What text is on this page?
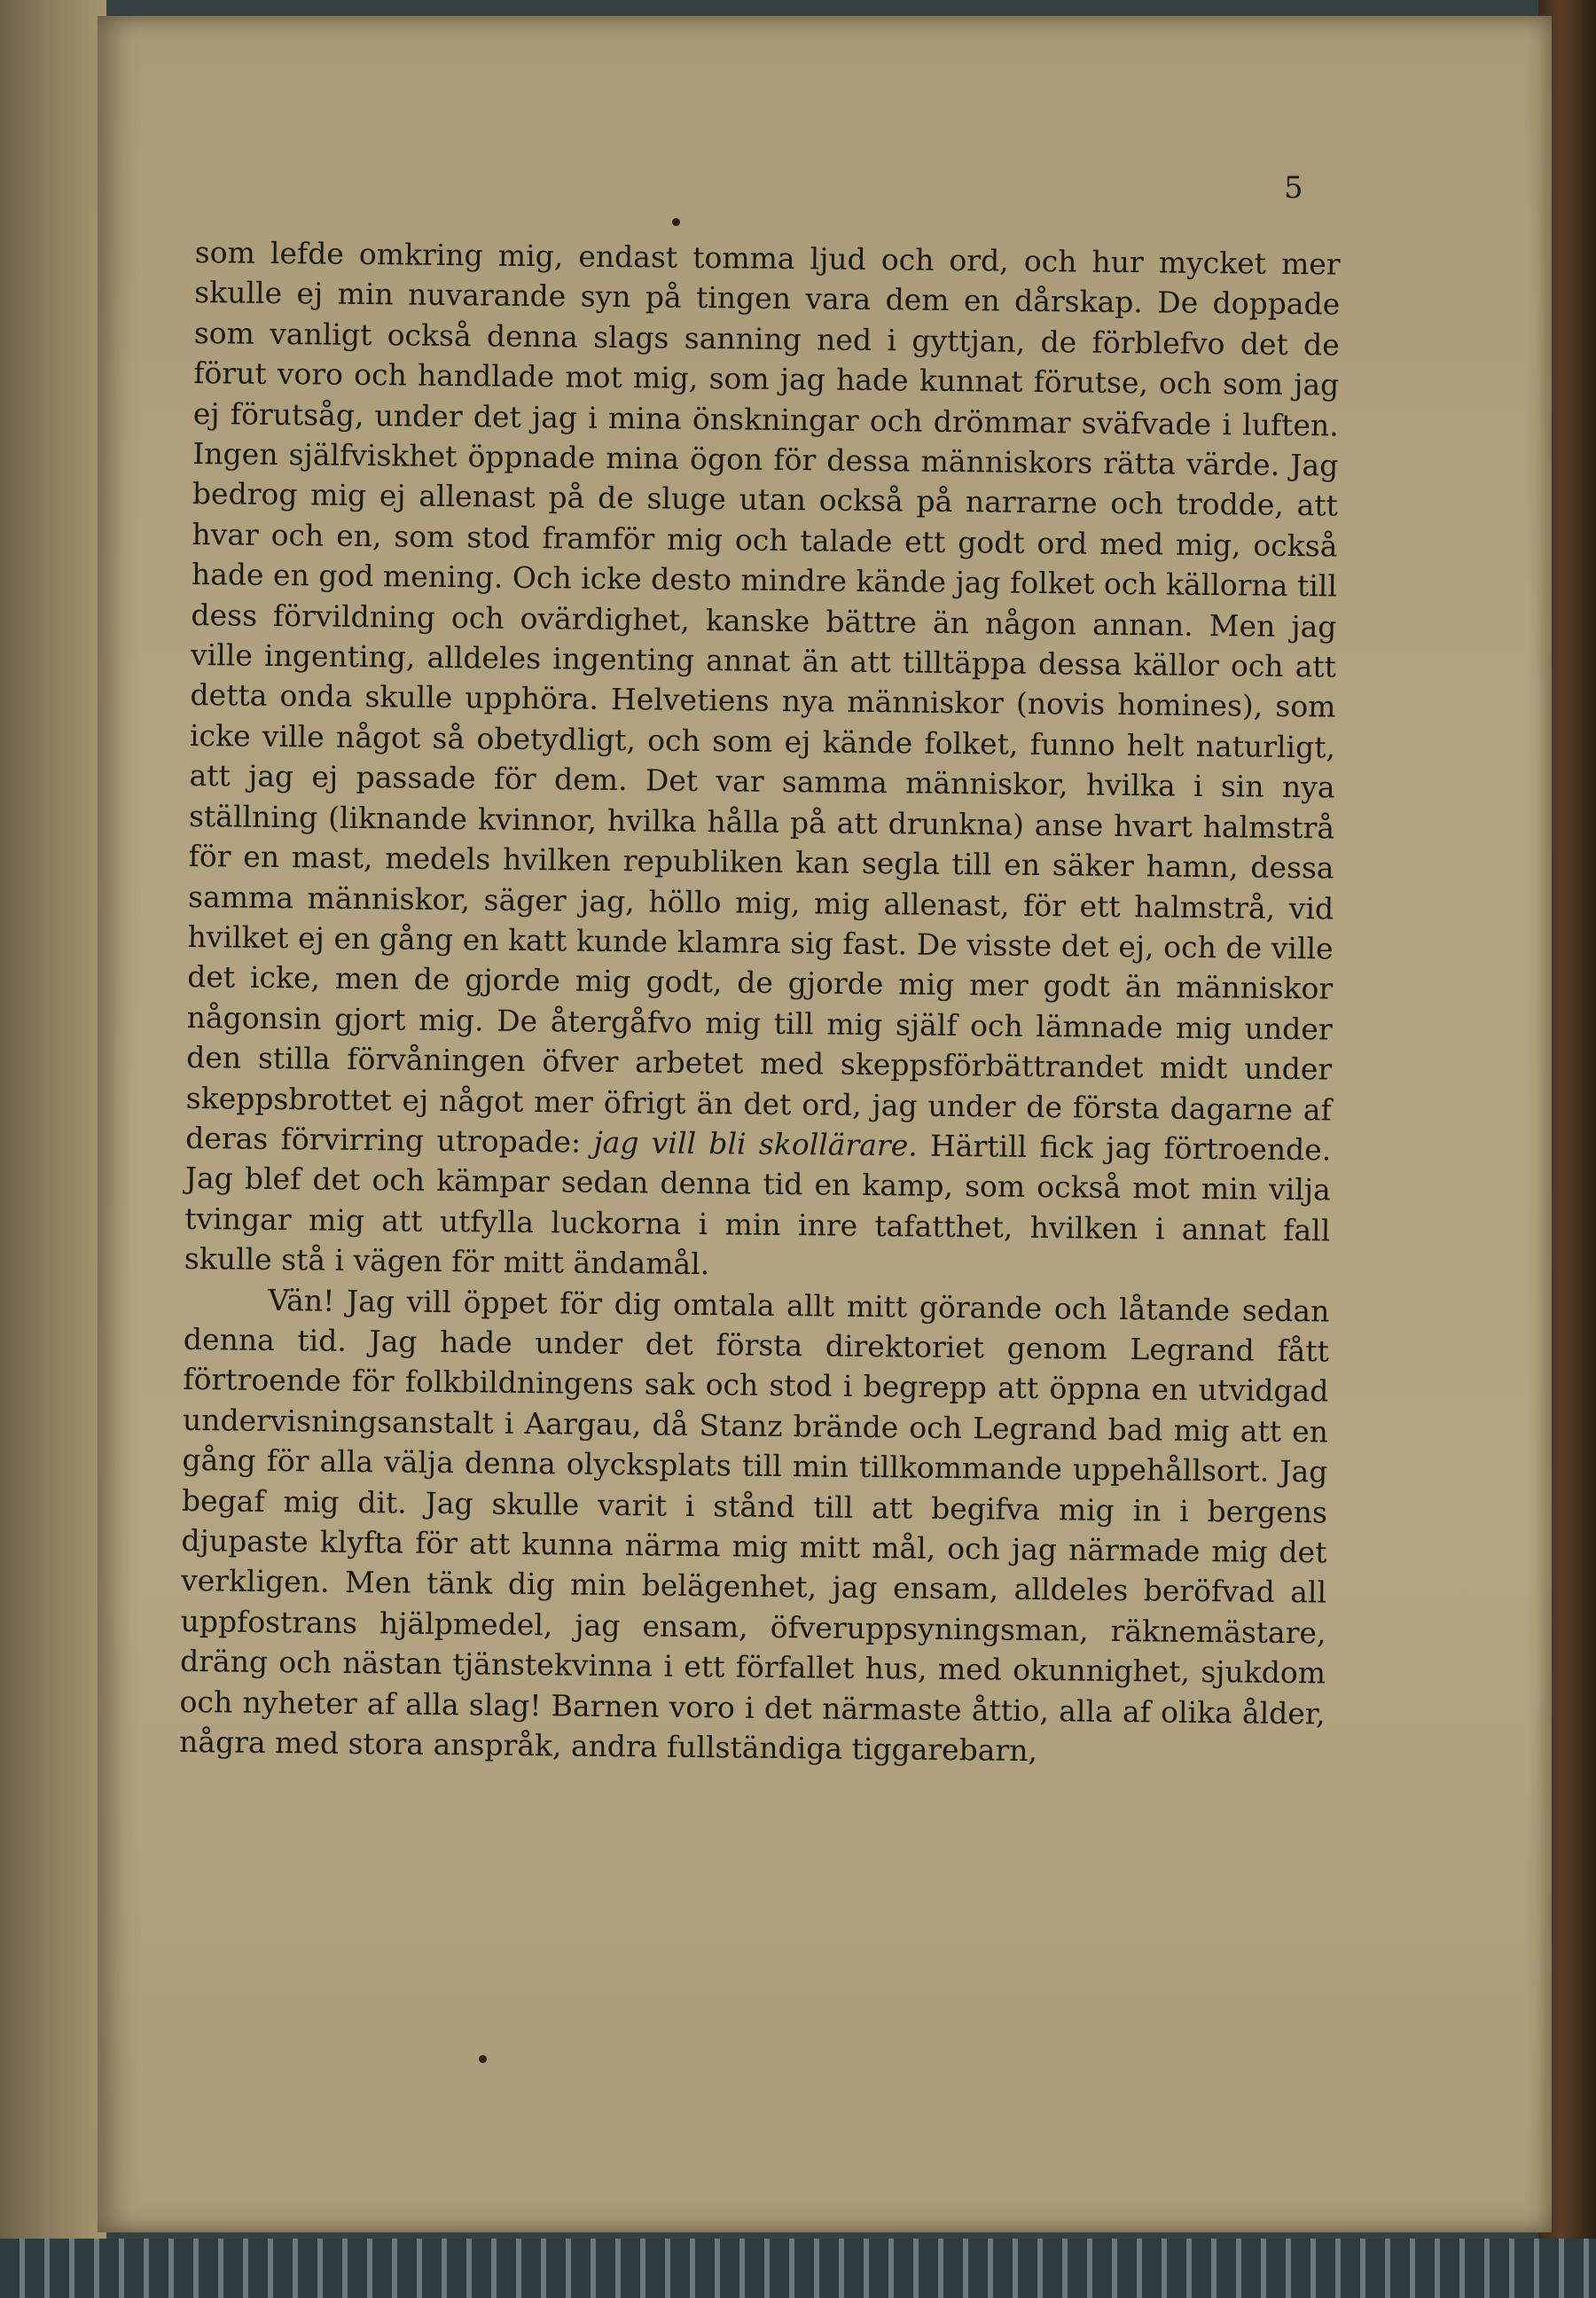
5

som lefde omkring mig, endast tomma ljud och ord, och hur mycket mer skulle ej min nuvarande syn på tingen vara dem en dårskap. De doppade som vanligt också denna slags sanning ned i gyttjan, de förblefvo det de förut voro och handlade mot mig, som jag hade kunnat förutse, och som jag ej förutsåg, under det jag i mina önskningar och drömmar sväfvade i luften. Ingen själfviskhet öppnade mina ögon för dessa människors rätta värde. Jag bedrog mig ej allenast på de sluge utan också på narrarne och trodde, att hvar och en, som stod framför mig och talade ett godt ord med mig, också hade en god mening. Och icke desto mindre kände jag folket och källorna till dess förvildning och ovärdighet, kanske bättre än någon annan. Men jag ville ingenting, alldeles ingenting annat än att tilltäppa dessa källor och att detta onda skulle upphöra. Helvetiens nya människor (novis homines), som icke ville något så obetydligt, och som ej kände folket, funno helt naturligt, att jag ej passade för dem. Det var samma människor, hvilka i sin nya ställning (liknande kvinnor, hvilka hålla på att drunkna) anse hvart halmstrå för en mast, medels hvilken republiken kan segla till en säker hamn, dessa samma människor, säger jag, höllo mig, mig allenast, för ett halmstrå, vid hvilket ej en gång en katt kunde klamra sig fast. De visste det ej, och de ville det icke, men de gjorde mig godt, de gjorde mig mer godt än människor någonsin gjort mig. De återgåfvo mig till mig själf och lämnade mig under den stilla förvåningen öfver arbetet med skeppsförbättrandet midt under skeppsbrottet ej något mer öfrigt än det ord, jag under de första dagarne af deras förvirring utropade: jag vill bli skollärare. Härtill fick jag förtroende. Jag blef det och kämpar sedan denna tid en kamp, som också mot min vilja tvingar mig att utfylla luckorna i min inre tafatthet, hvilken i annat fall skulle stå i vägen för mitt ändamål.

Vän! Jag vill öppet för dig omtala allt mitt görande och låtande sedan denna tid. Jag hade under det första direktoriet genom Legrand fått förtroende för folkbildningens sak och stod i begrepp att öppna en utvidgad undervisningsanstalt i Aargau, då Stanz brände och Legrand bad mig att en gång för alla välja denna olycksplats till min tillkommande uppehållsort. Jag begaf mig dit. Jag skulle varit i stånd till att begifva mig in i bergens djupaste klyfta för att kunna närma mig mitt mål, och jag närmade mig det verkligen. Men tänk dig min belägenhet, jag ensam, alldeles beröfvad all uppfostrans hjälpmedel, jag ensam, öfveruppsyningsman, räknemästare, dräng och nästan tjänstekvinna i ett förfallet hus, med okunnighet, sjukdom och nyheter af alla slag! Barnen voro i det närmaste åttio, alla af olika ålder, några med stora anspråk, andra fullständiga tiggarebarn,
